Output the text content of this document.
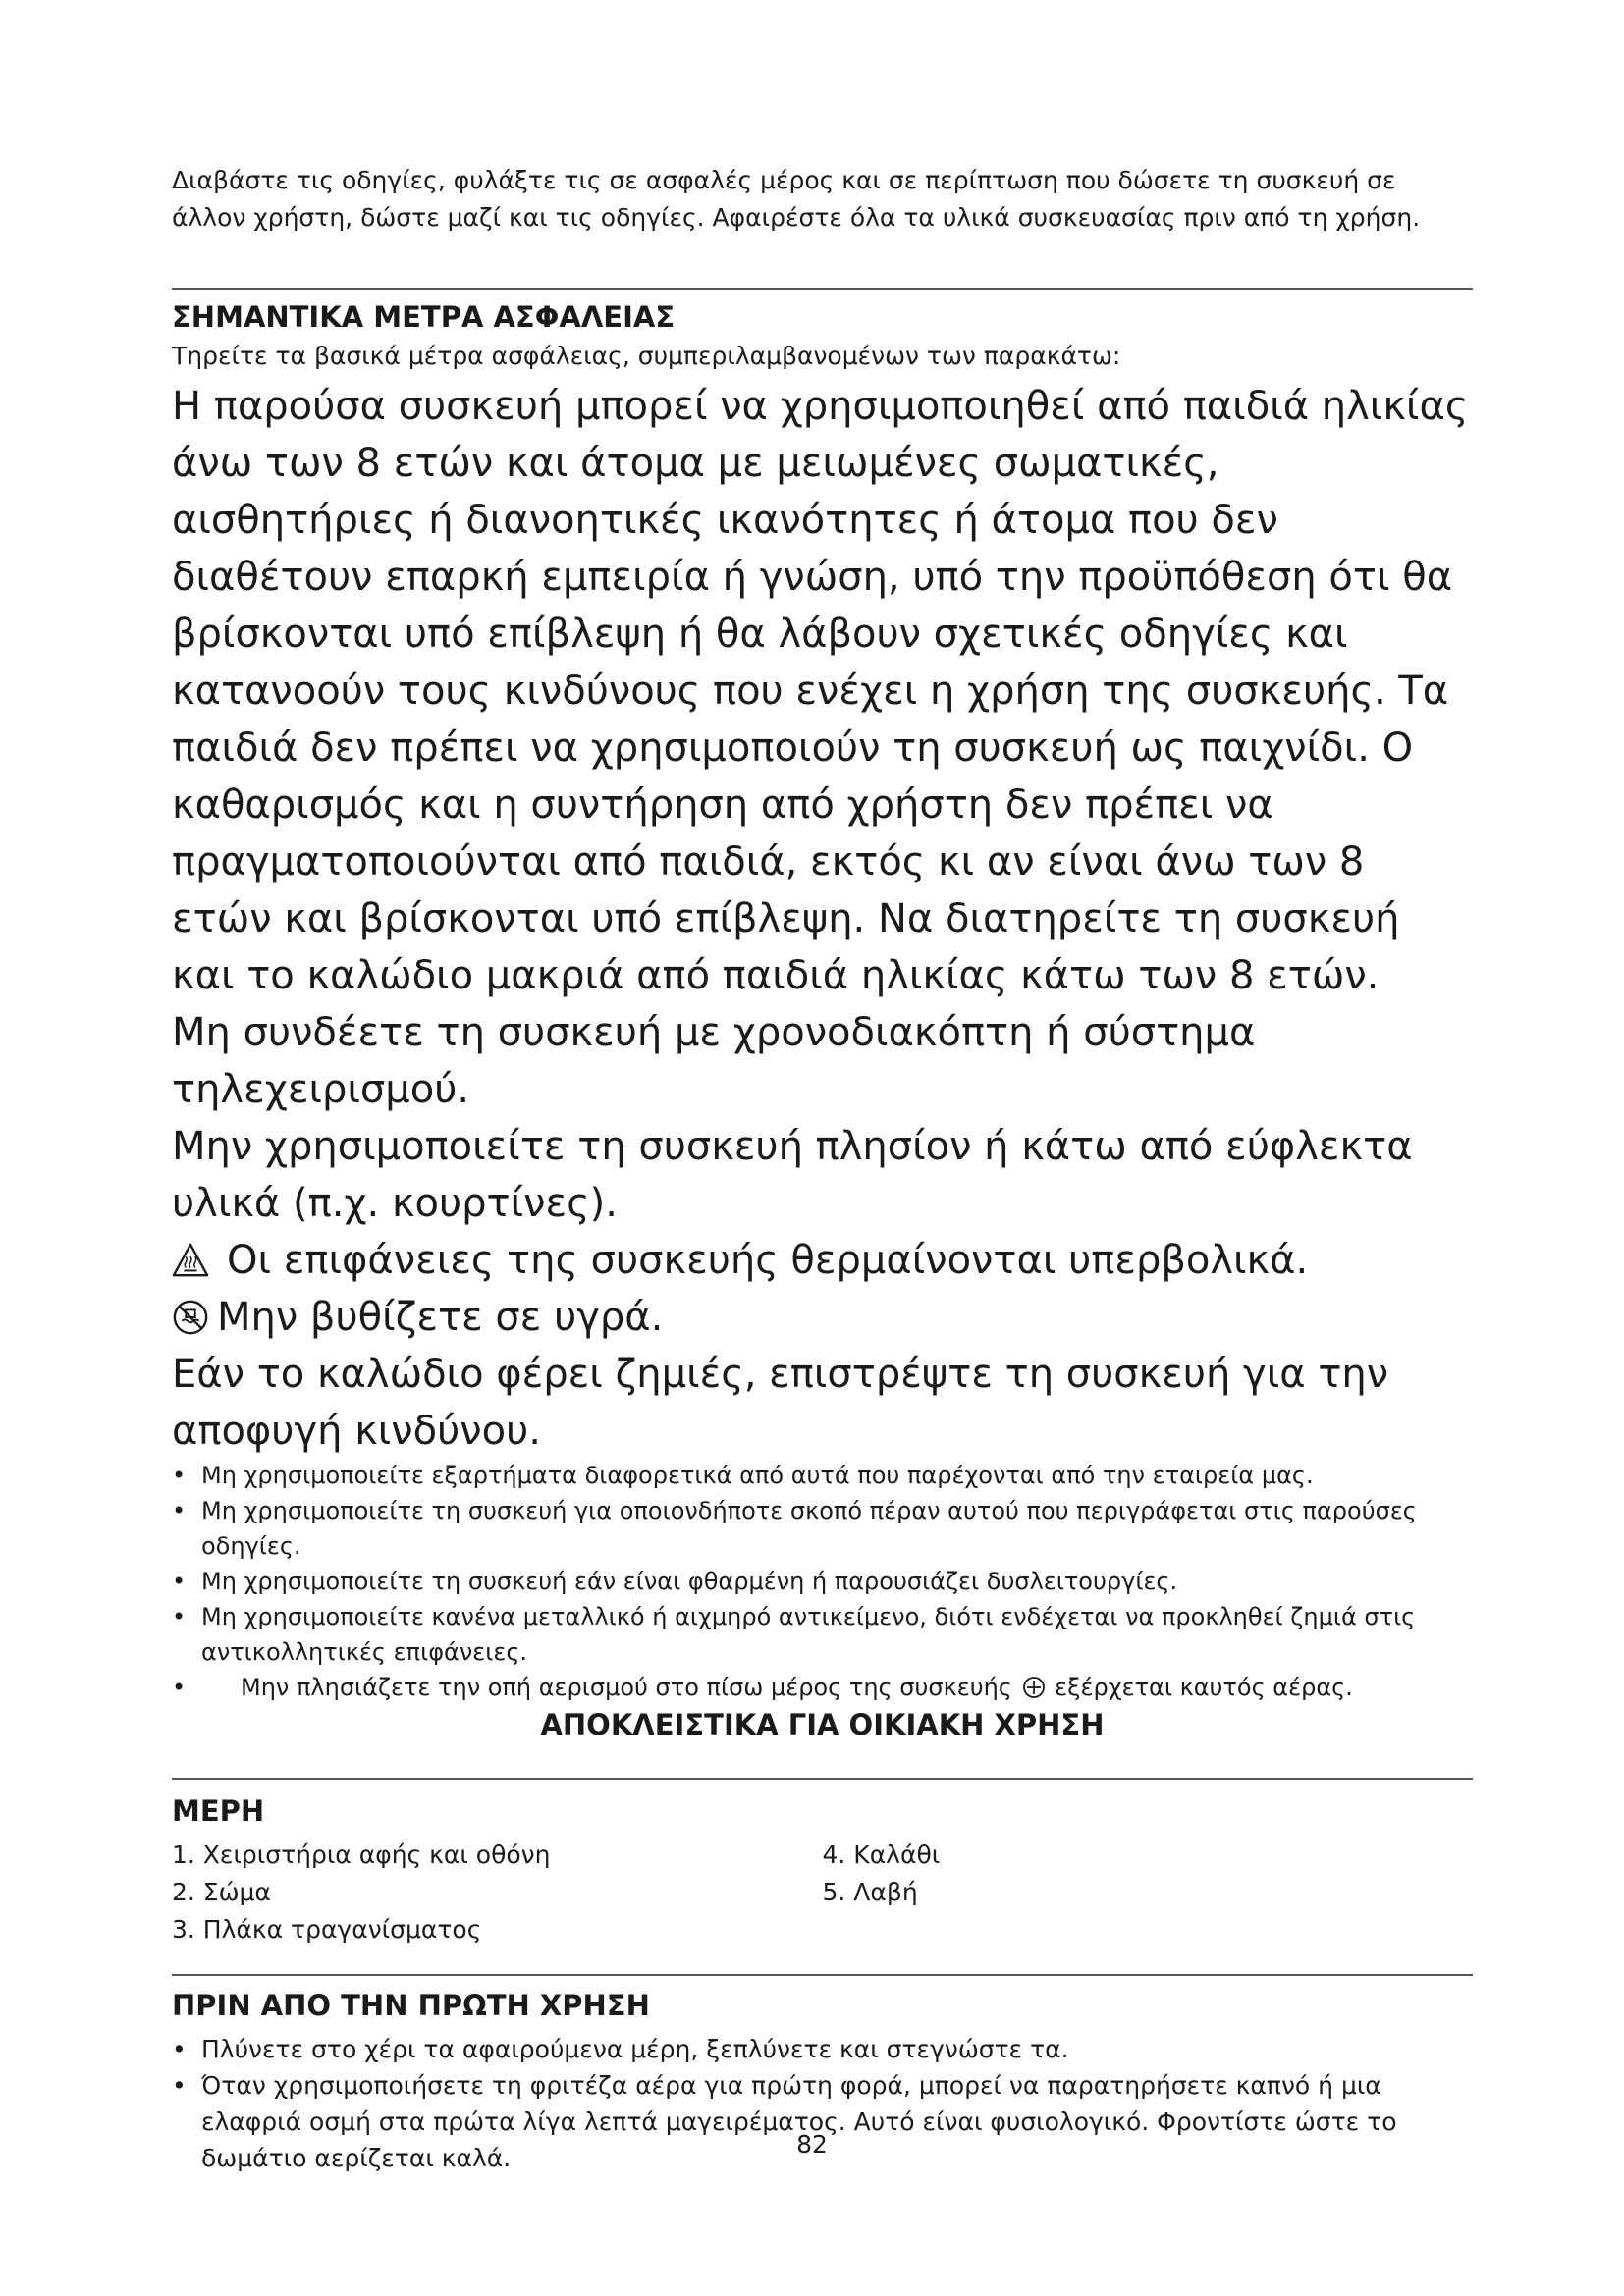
Διαβάστε τις οδηγίες, φυλάξτε τις σε ασφαλές μέρος και σε περίπτωση που δώσετε τη συσκευή σε άλλον χρήστη, δώστε μαζί και τις οδηγίες. Αφαιρέστε όλα τα υλικά συσκευασίας πριν από τη χρήση.

ΣΗΜΑΝΤΙΚΑ ΜΕΤΡΑ ΑΣΦΑΛΕΙΑΣ

Τηρείτε τα βασικά μέτρα ασφάλειας, συμπεριλαμβανομένων των παρακάτω:

Η παρούσα συσκευή μπορεί να χρησιμοποιηθεί από παιδιά ηλικίας άνω των 8 ετών και άτομα με μειωμένες σωματικές, αισθητήριες ή διανοητικές ικανότητες ή άτομα που δεν διαθέτουν επαρκή εμπειρία ή γνώση, υπό την προϋπόθεση ότι θα βρίσκονται υπό επίβλεψη ή θα λάβουν σχετικές οδηγίες και κατανοούν τους κινδύνους που ενέχει η χρήση της συσκευής. Τα παιδιά δεν πρέπει να χρησιμοποιούν τη συσκευή ως παιχνίδι. Ο καθαρισμός και η συντήρηση από χρήστη δεν πρέπει να πραγματοποιούνται από παιδιά, εκτός κι αν είναι άνω των 8 ετών και βρίσκονται υπό επίβλεψη. Να διατηρείτε τη συσκευή και το καλώδιο μακριά από παιδιά ηλικίας κάτω των 8 ετών.

Μη συνδέετε τη συσκευή με χρονοδιακόπτη ή σύστημα τηλεχειρισμού.

Μην χρησιμοποιείτε τη συσκευή πλησίον ή κάτω από εύφλεκτα υλικά (π.χ. κουρτίνες).

Οι επιφάνειες της συσκευής θερμαίνονται υπερβολικά.
Μην βυθίζετε σε υγρά.

Εάν το καλώδιο φέρει ζημιές, επιστρέψτε τη συσκευή για την αποφυγή κινδύνου.

• Μη χρησιμοποιείτε εξαρτήματα διαφορετικά από αυτά που παρέχονται από την εταιρεία μας.
• Μη χρησιμοποιείτε τη συσκευή για οποιονδήποτε σκοπό πέραν αυτού που περιγράφεται στις παρούσες οδηγίες.
• Μη χρησιμοποιείτε τη συσκευή εάν είναι φθαρμένη ή παρουσιάζει δυσλειτουργίες.
• Μη χρησιμοποιείτε κανένα μεταλλικό ή αιχμηρό αντικείμενο, διότι ενδέχεται να προκληθεί ζημιά στις αντικολλητικές επιφάνειες.
• Μην πλησιάζετε την οπή αερισμού στο πίσω μέρος της συσκευής εξέρχεται καυτός αέρας.
ΑΠΟΚΛΕΙΣΤΙΚΑ ΓΙΑ ΟΙΚΙΑΚΗ ΧΡΗΣΗ
ΜΕΡΗ
1. Χειριστήρια αφής και οθόνη
2. Σώμα
3. Πλάκα τραγανίσματος
4. Καλάθι
5. Λαβή
ΠΡΙΝ ΑΠΟ ΤΗΝ ΠΡΩΤΗ ΧΡΗΣΗ
• Πλύνετε στο χέρι τα αφαιρούμενα μέρη, ξεπλύνετε και στεγνώστε τα.
• Όταν χρησιμοποιήσετε τη φριτέζα αέρα για πρώτη φορά, μπορεί να παρατηρήσετε καπνό ή μια ελαφριά οσμή στα πρώτα λίγα λεπτά μαγειρέματος. Αυτό είναι φυσιολογικό. Φροντίστε ώστε το δωμάτιο αερίζεται καλά.	82
